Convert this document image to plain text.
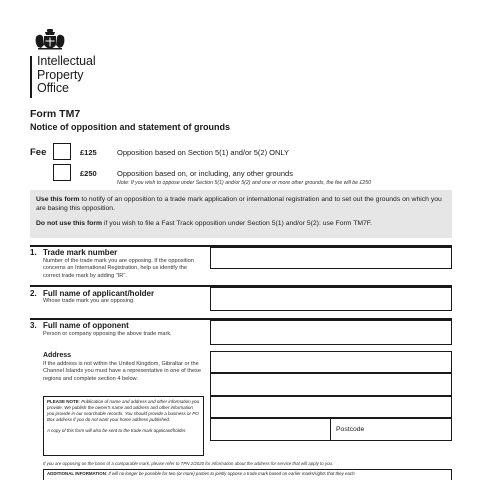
Intellectual
Property
Office
Form TM7
Notice of opposition and statement of grounds
Fee	£125	Opposition based on Section 5(1) and/or 5(2) ONLY
£250	Opposition based on, or including, any other grounds
Note: If you wish to oppose under Section 5(1) and/or 5(2) and one or more other grounds, the fee will be £250

Use this form to notify of an opposition to a trade mark application or international registration and to set out the grounds on which you are basing this opposition.

Do not use this form if you wish to file a Fast Track opposition under Section 5(1) and/or 5(2): use Form TM7F.

1. Trade mark number
Number of the trade mark you are opposing. If the opposition concerns an International Registration, help us identify the correct trade mark by adding "IR".
2. Full name of applicant/holder
Whose trade mark you are opposing.
3. Full name of opponent
Person or company opposing the above trade mark.
Address
If the address is not within the United Kingdom, Gibraltar or the Channel Islands you must have a representative in one of these regions and complete section 4 below.
Postcode

PLEASE NOTE: Publication of name and address and other information you provide. We publish the owner's name and address and other information you provide in our searchable records. You should provide a business or PO Box address if you do not want your home address published.

A copy of this form will also be sent to the trade mark applicant/holder.

If you are opposing on the basis of a comparable mark, please refer to TPN 2/2020 for information about the address for service that will apply to you.
ADDITIONAL INFORMATION: If will no longer be possible for two (or more) parties to jointly oppose a trade mark based on earlier marks/rights that they each
